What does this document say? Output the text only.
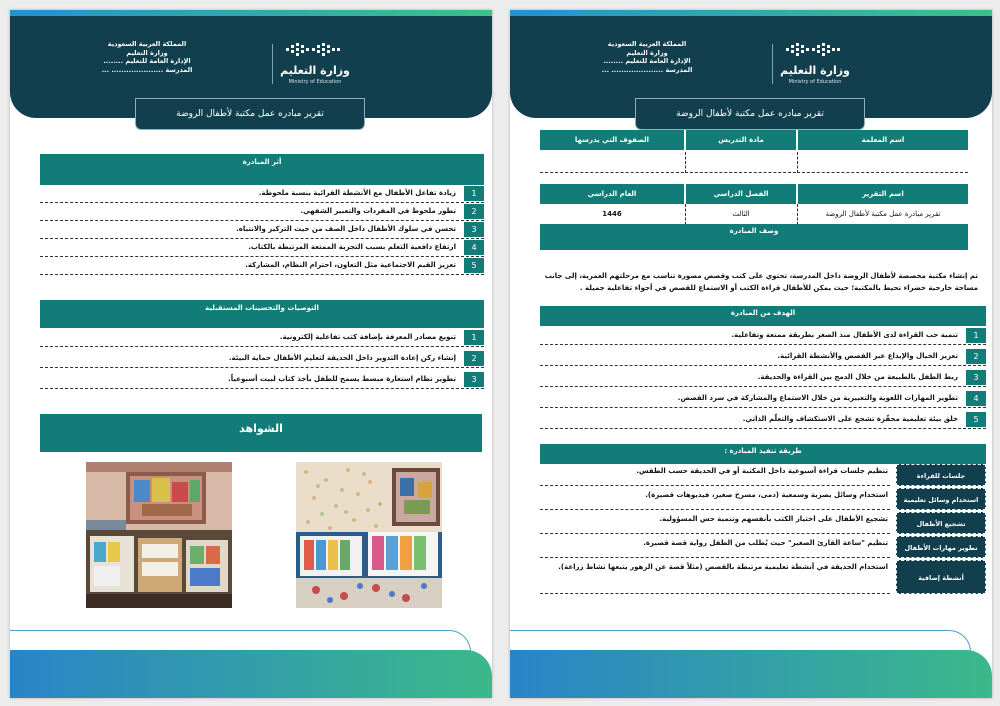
المملكة العربية السعودية
وزارة التعليم
الإدارة العامة للتعليم ........
المدرسة ..................... ...	وزارة التعليم
Ministry of Education
تقرير مبادره عمل مكتبة لأطفال الروضة
أثر المبادرة
1
زيادة تفاعل الأطفال مع الأنشطة القرائية بنسبة ملحوظة.
2
تطور ملحوظ في المفردات والتعبير الشفهي.
3
تحسن في سلوك الأطفال داخل الصف من حيث التركيز والانتباه.
4
ارتفاع دافعية التعلم بسبب التجربة الممتعة المرتبطة بالكتاب.
5
تعزيز القيم الاجتماعية مثل التعاون، احترام النظام، المشاركة.
التوصيات والتحسينات المستقبلية
1
تنويع مصادر المعرفة بإضافة كتب تفاعلية إلكترونية.
2
إنشاء ركن إعادة التدوير داخل الحديقة لتعليم الأطفال حماية البيئة.
3
تطوير نظام استعارة مبسط يسمح للطفل بأخذ كتاب لبيت أسبوعياً.
الشواهد
المملكة العربية السعودية
وزارة التعليم
الإدارة العامة للتعليم ........
المدرسة ..................... ...	وزارة التعليم
Ministry of Education
تقرير مبادره عمل مكتبة لأطفال الروضة
اسم المعلمة
مادة التدريس
الصفوف التي يدرسها
اسم التقرير
الفصل الدراسي
العام الدراسي
تقرير مبادرة عمل مكتبة لأطفال الروضة
الثالث
1446
وصف المبادرة
تم إنشاء مكتبة مخصصة لأطفال الروضة داخل المدرسة، تحتوي على كتب وقصص مصورة تناسب مع مرحلتهم العمرية، إلى جانب مساحة خارجية خضراء تحيط بالمكتبة؛ حيث يمكن للأطفال قراءة الكتب أو الاستماع للقصص في أجواء تفاعلية جميلة .
الهدف من المبادرة
1
تنمية حب القراءة لدى الأطفال منذ الصغر بطريقة ممتعة وتفاعلية.
2
تعزيز الخيال والإبداع عبر القصص والأنشطة القرائية.
3
ربط الطفل بالطبيعة من خلال الدمج بين القراءة والحديقة.
4
تطوير المهارات اللغوية والتعبيرية من خلال الاستماع والمشاركة في سرد القصص.
5
خلق بيئة تعليمية محفّزة تشجع على الاستكشاف والتعلّم الذاتي.
طريقة تنفيذ المبادرة :
جلسات للقراءة
تنظيم جلسات قراءة أسبوعية داخل المكتبة أو في الحديقة حسب الطقس.
استخدام وسائل تعليمية
استخدام وسائل بصرية وسمعية (دمى، مسرح صغير، فيديوهات قصيرة).
تشجيع الأطفال
تشجيع الأطفال على اختيار الكتب بأنفسهم وتنمية حس المسؤولية.
تطوير مهارات الأطفال
تنظيم "ساعة القارئ الصغير" حيث يُطلب من الطفل رواية قصة قصيرة.
أنشطة إضافية
استخدام الحديقة في أنشطة تعليمية مرتبطة بالقصص (مثلاً قصة عن الزهور يتبعها نشاط زراعة).
